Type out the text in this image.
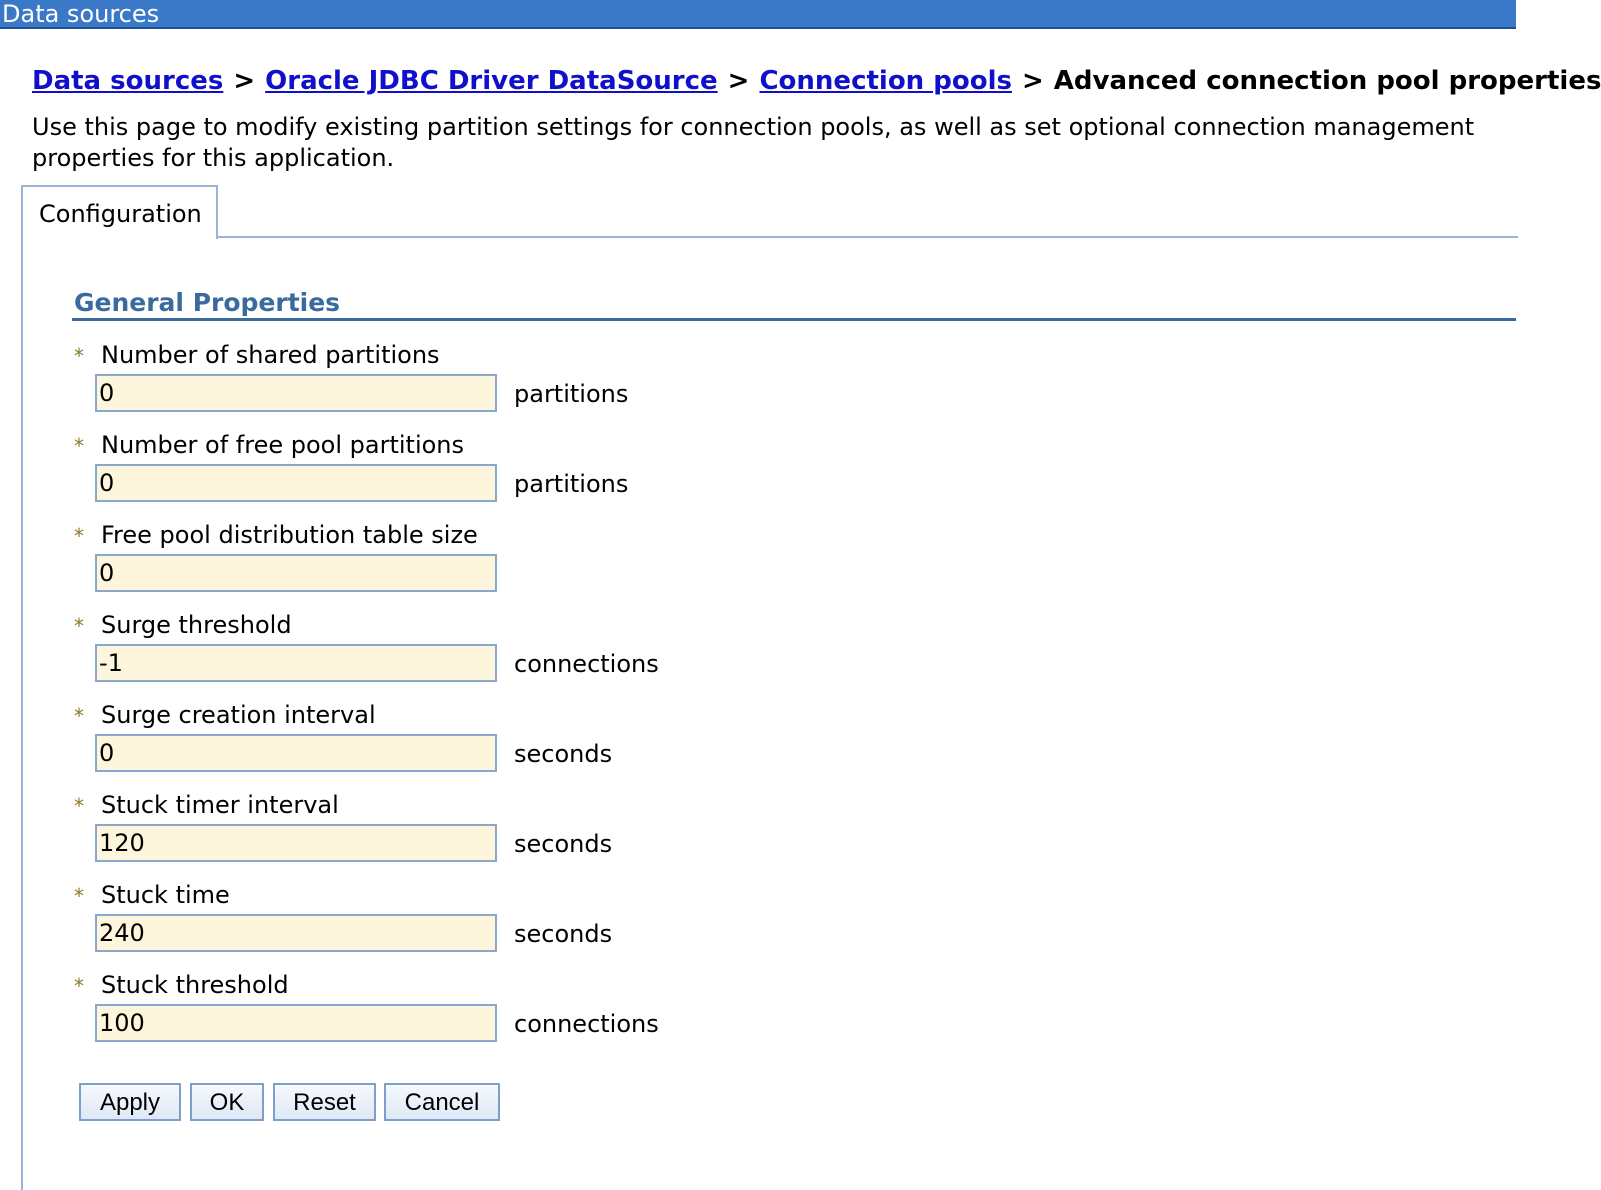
Data sources
Data sources > Oracle JDBC Driver DataSource > Connection pools > Advanced connection pool properties
Use this page to modify existing partition settings for connection pools, as well as set optional connection management properties for this application.
Configuration
General Properties
* Number of shared partitions
0
partitions
* Number of free pool partitions
0
partitions
* Free pool distribution table size
0
* Surge threshold
-1
connections
* Surge creation interval
0
seconds
* Stuck timer interval
120
seconds
* Stuck time
240
seconds
* Stuck threshold
100
connections
Apply	OK	Reset	Cancel
